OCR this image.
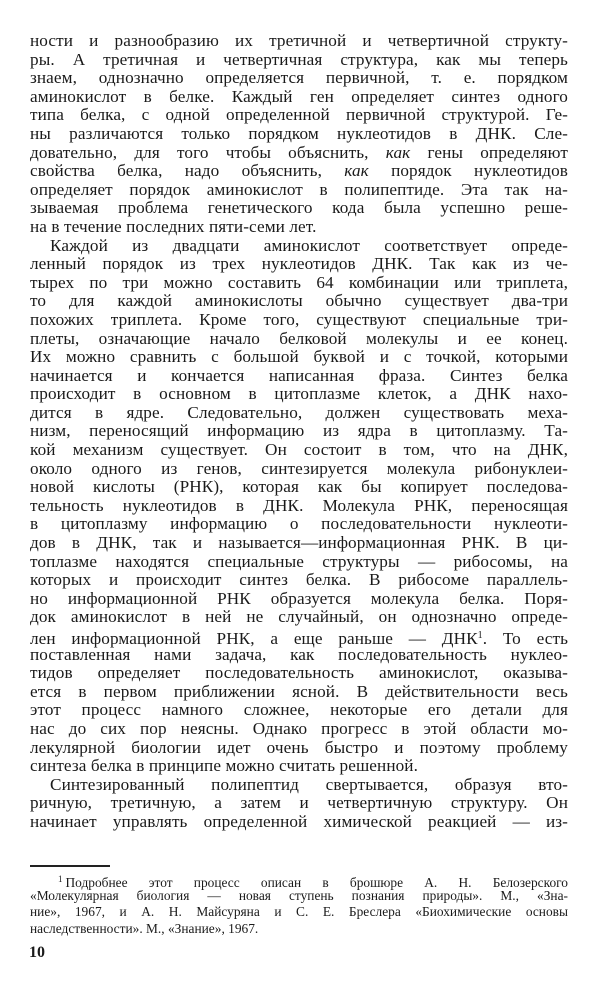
ности и разнообразию их третичной и четвертичной структу-
ры. А третичная и четвертичная структура, как мы теперь
знаем, однозначно определяется первичной, т. е. порядком
аминокислот в белке. Каждый ген определяет синтез одного
типа белка, с одной определенной первичной структурой. Ге-
ны различаются только порядком нуклеотидов в ДНК. Сле-
довательно, для того чтобы объяснить, как гены определяют
свойства белка, надо объяснить, как порядок нуклеотидов
определяет порядок аминокислот в полипептиде. Эта так на-
зываемая проблема генетического кода была успешно реше-
на в течение последних пяти-семи лет.
Каждой из двадцати аминокислот соответствует опреде-
ленный порядок из трех нуклеотидов ДНК. Так как из че-
тырех по три можно составить 64 комбинации или триплета,
то для каждой аминокислоты обычно существует два-три
похожих триплета. Кроме того, существуют специальные три-
плеты, означающие начало белковой молекулы и ее конец.
Их можно сравнить с большой буквой и с точкой, которыми
начинается и кончается написанная фраза. Синтез белка
происходит в основном в цитоплазме клеток, а ДНК нахо-
дится в ядре. Следовательно, должен существовать меха-
низм, переносящий информацию из ядра в цитоплазму. Та-
кой механизм существует. Он состоит в том, что на ДНК,
около одного из генов, синтезируется молекула рибонуклеи-
новой кислоты (РНК), которая как бы копирует последова-
тельность нуклеотидов в ДНК. Молекула РНК, переносящая
в цитоплазму информацию о последовательности нуклеоти-
дов в ДНК, так и называется—информационная РНК. В ци-
топлазме находятся специальные структуры — рибосомы, на
которых и происходит синтез белка. В рибосоме параллель-
но информационной РНК образуется молекула белка. Поря-
док аминокислот в ней не случайный, он однозначно опреде-
лен информационной РНК, а еще раньше — ДНК$^1$. То есть
поставленная нами задача, как последовательность нуклео-
тидов определяет последовательность аминокислот, оказыва-
ется в первом приближении ясной. В действительности весь
этот процесс намного сложнее, некоторые его детали для
нас до сих пор неясны. Однако прогресс в этой области мо-
лекулярной биологии идет очень быстро и поэтому проблему
синтеза белка в принципе можно считать решенной.
Синтезированный полипептид свертывается, образуя вто-
ричную, третичную, а затем и четвертичную структуру. Он
начинает управлять определенной химической реакцией — из-
$^1$ Подробнее этот процесс описан в брошюре А. Н. Белозерского
«Молекулярная биология — новая ступень познания природы». М., «Зна-
ние», 1967, и А. Н. Майсуряна и С. Е. Бреслера «Биохимические основы
наследственности». М., «Знание», 1967.
10
